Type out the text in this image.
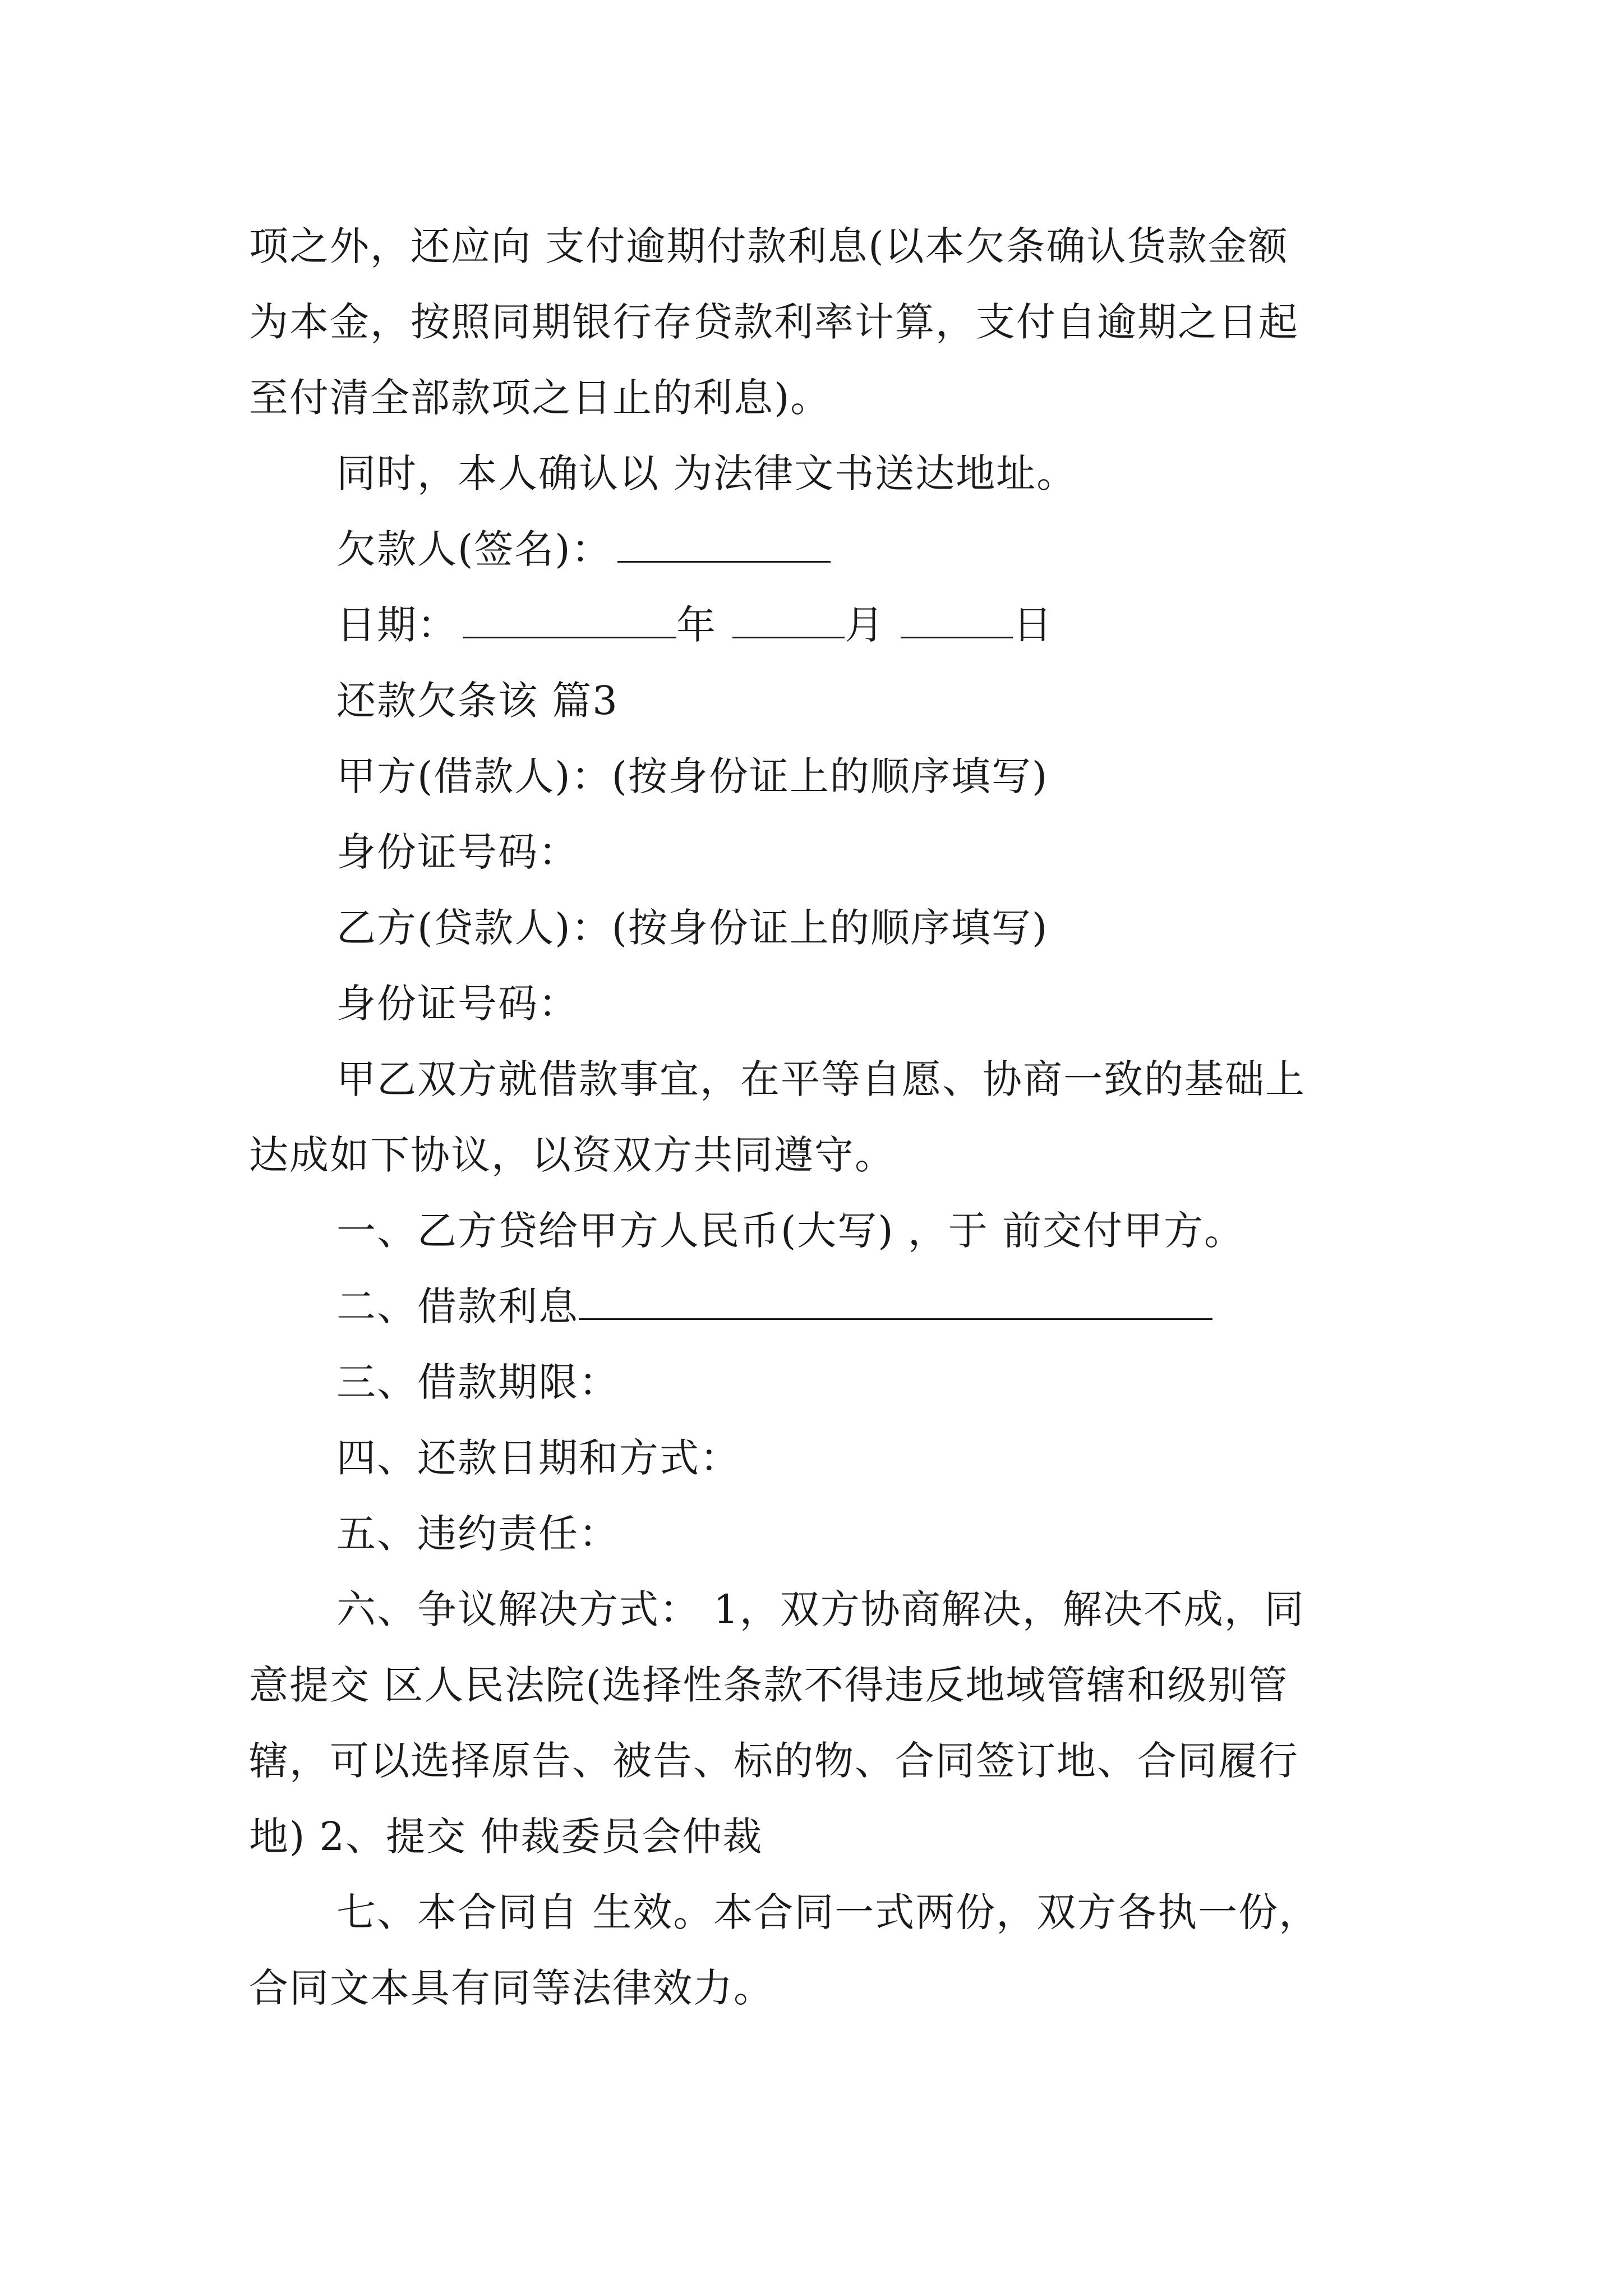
项之外，还应向 支付逾期付款利息(以本欠条确认货款金额
为本金，按照同期银行存贷款利率计算，支付自逾期之日起
至付清全部款项之日止的利息)。
同时，本人确认以 为法律文书送达地址。
欠款人(签名)：
日期：	年	月	日
还款欠条该 篇3
甲方(借款人)：(按身份证上的顺序填写)
身份证号码：
乙方(贷款人)：(按身份证上的顺序填写)
身份证号码：
甲乙双方就借款事宜，在平等自愿、协商一致的基础上
达成如下协议，以资双方共同遵守。
一、乙方贷给甲方人民币(大写) ，于 前交付甲方。
二、借款利息
三、借款期限：
四、还款日期和方式：
五、违约责任：
六、争议解决方式： 1，双方协商解决，解决不成，同
意提交 区人民法院(选择性条款不得违反地域管辖和级别管
辖，可以选择原告、被告、标的物、合同签订地、合同履行
地) 2、提交 仲裁委员会仲裁
七、本合同自 生效。本合同一式两份，双方各执一份，
合同文本具有同等法律效力。
